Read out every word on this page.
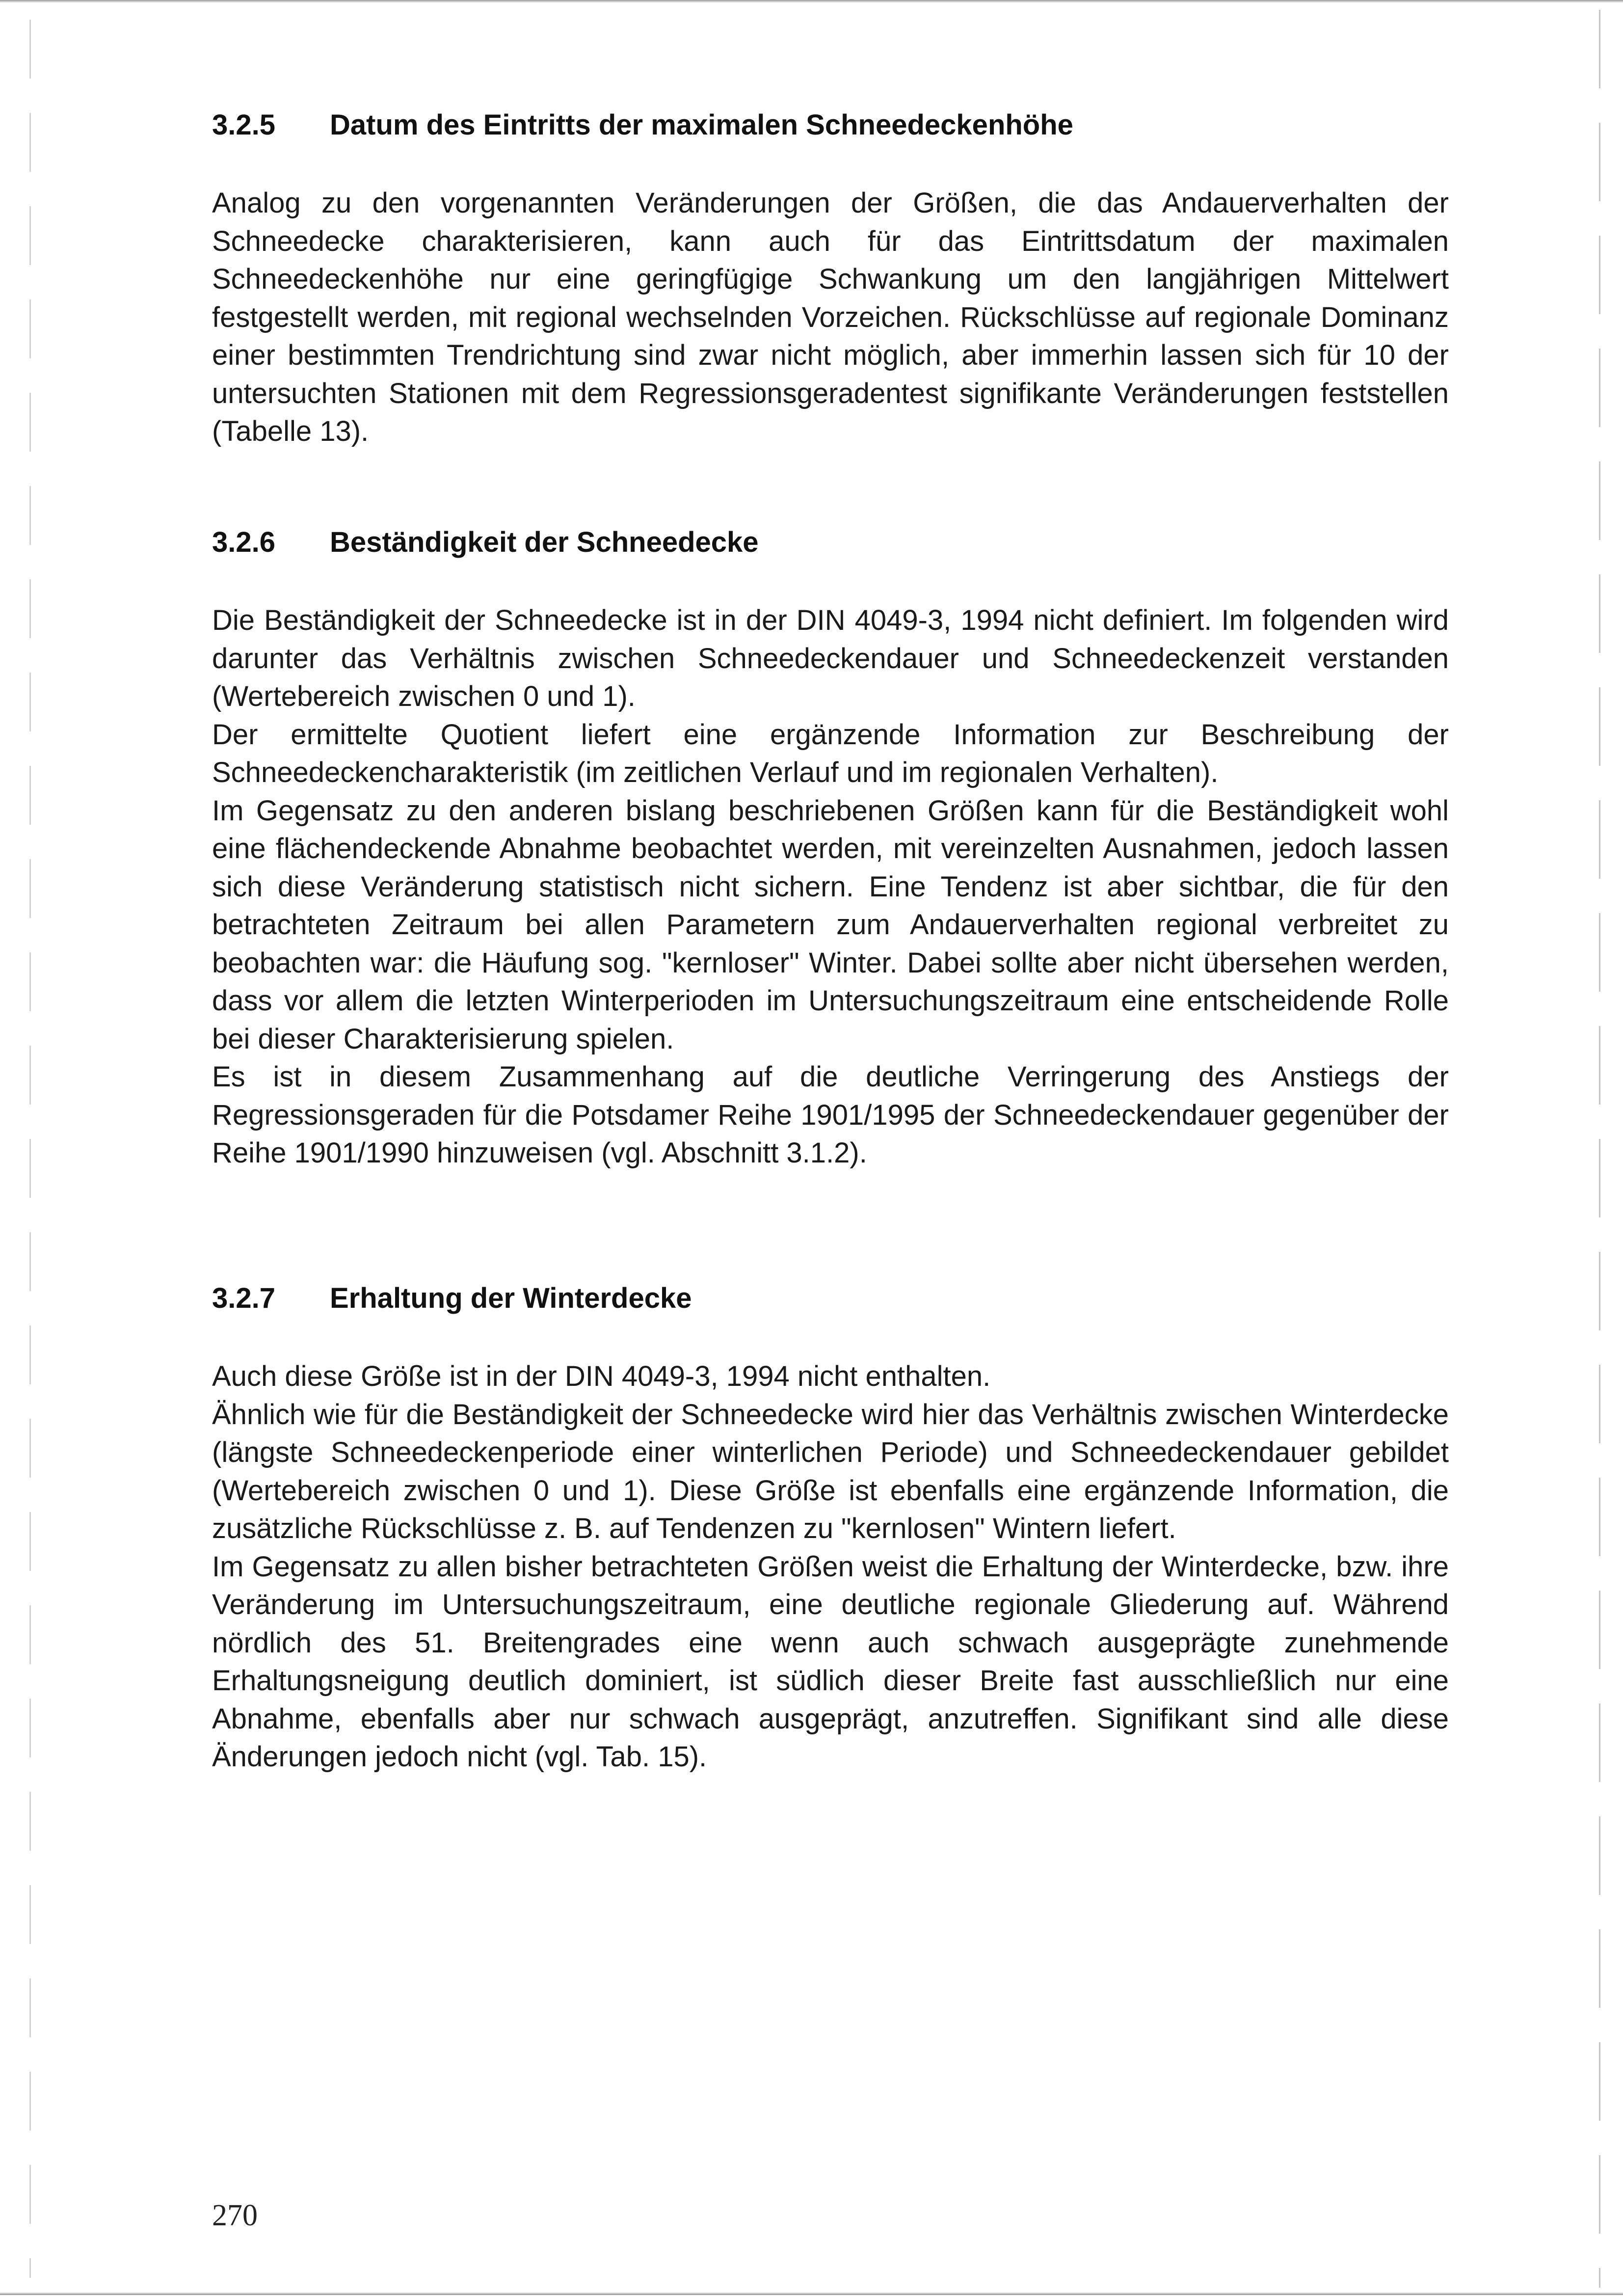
3.2.5	Datum des Eintritts der maximalen Schneedeckenhöhe

Analog zu den vorgenannten Veränderungen der Größen, die das Andauerverhalten der Schneedecke charakterisieren, kann auch für das Eintrittsdatum der maximalen Schneedeckenhöhe nur eine geringfügige Schwankung um den langjährigen Mittelwert festgestellt werden, mit regional wechselnden Vorzeichen. Rückschlüsse auf regionale Dominanz einer bestimmten Trendrichtung sind zwar nicht möglich, aber immerhin lassen sich für 10 der untersuchten Stationen mit dem Regressionsgeradentest signifikante Veränderungen feststellen (Tabelle 13).

3.2.6	Beständigkeit der Schneedecke

Die Beständigkeit der Schneedecke ist in der DIN 4049-3, 1994 nicht definiert. Im folgenden wird darunter das Verhältnis zwischen Schneedeckendauer und Schneedeckenzeit verstanden (Wertebereich zwischen 0 und 1).

Der ermittelte Quotient liefert eine ergänzende Information zur Beschreibung der Schneedeckencharakteristik (im zeitlichen Verlauf und im regionalen Verhalten).

Im Gegensatz zu den anderen bislang beschriebenen Größen kann für die Beständigkeit wohl eine flächendeckende Abnahme beobachtet werden, mit vereinzelten Ausnahmen, jedoch lassen sich diese Veränderung statistisch nicht sichern. Eine Tendenz ist aber sichtbar, die für den betrachteten Zeitraum bei allen Parametern zum Andauerverhalten regional verbreitet zu beobachten war: die Häufung sog. "kernloser" Winter. Dabei sollte aber nicht übersehen werden, dass vor allem die letzten Winterperioden im Untersuchungszeitraum eine entscheidende Rolle bei dieser Charakterisierung spielen.

Es ist in diesem Zusammenhang auf die deutliche Verringerung des Anstiegs der Regressionsgeraden für die Potsdamer Reihe 1901/1995 der Schneedeckendauer gegenüber der Reihe 1901/1990 hinzuweisen (vgl. Abschnitt 3.1.2).

3.2.7	Erhaltung der Winterdecke

Auch diese Größe ist in der DIN 4049-3, 1994 nicht enthalten.

Ähnlich wie für die Beständigkeit der Schneedecke wird hier das Verhältnis zwischen Winterdecke (längste Schneedeckenperiode einer winterlichen Periode) und Schneedeckendauer gebildet (Wertebereich zwischen 0 und 1). Diese Größe ist ebenfalls eine ergänzende Information, die zusätzliche Rückschlüsse z. B. auf Tendenzen zu "kernlosen" Wintern liefert.

Im Gegensatz zu allen bisher betrachteten Größen weist die Erhaltung der Winterdecke, bzw. ihre Veränderung im Untersuchungszeitraum, eine deutliche regionale Gliederung auf. Während nördlich des 51. Breitengrades eine wenn auch schwach ausgeprägte zunehmende Erhaltungsneigung deutlich dominiert, ist südlich dieser Breite fast ausschließlich nur eine Abnahme, ebenfalls aber nur schwach ausgeprägt, anzutreffen. Signifikant sind alle diese Änderungen jedoch nicht (vgl. Tab. 15).

270
